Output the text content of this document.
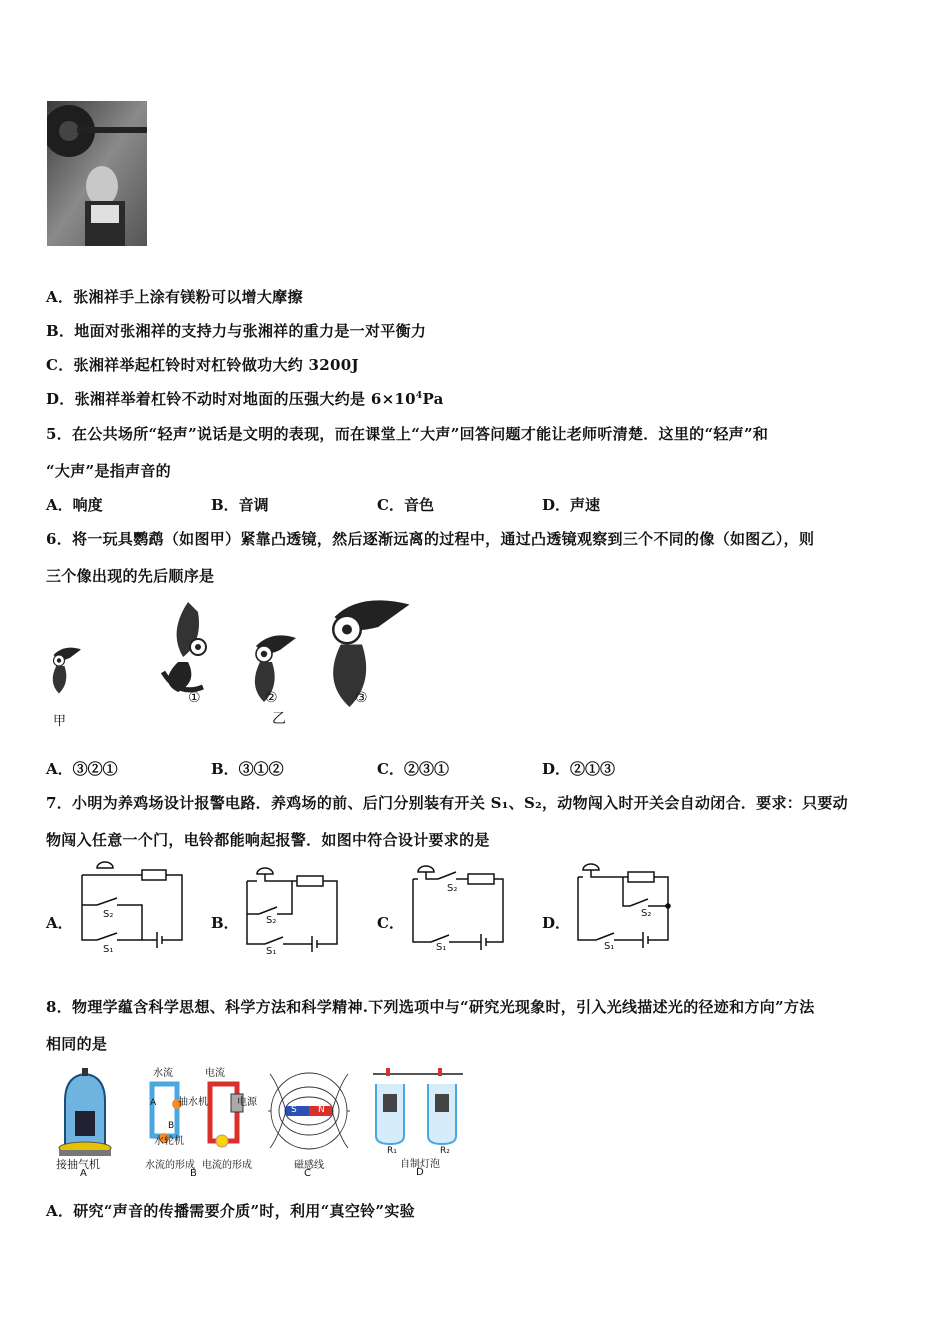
A．张湘祥手上涂有镁粉可以增大摩擦
B．地面对张湘祥的支持力与张湘祥的重力是一对平衡力
C．张湘祥举起杠铃时对杠铃做功大约 3200J
D．张湘祥举着杠铃不动时对地面的压强大约是 $6\times 10^4Pa$
5．在公共场所“轻声”说话是文明的表现，而在课堂上“大声”回答问题才能让老师听清楚．这里的“轻声”和
“大声”是指声音的
A．响度	B．音调	C．音色	D．声速
6．将一玩具鹦鹉（如图甲）紧靠凸透镜，然后逐渐远离的过程中，通过凸透镜观察到三个不同的像（如图乙），则
三个像出现的先后顺序是
甲
①	②	③
乙
A．③②①	B．③①②	C．②③①	D．②①③
7．小明为养鸡场设计报警电路．养鸡场的前、后门分别装有开关 S₁、S₂，动物闯入时开关会自动闭合．要求：只要动
物闯入任意一个门，电铃都能响起报警．如图中符合设计要求的是
A．	B．	C．	D．
S₂
S₁
S₂
S₁
S₂
S₁
S₂
S₁
8．物理学蕴含科学思想、科学方法和科学精神.下列选项中与“研究光现象时，引入光线描述光的径迹和方向”方法
相同的是
接抽气机
A
水流	电流
抽水机	电源
水轮机
A
B
水流的形成 电流的形成
B
S N
磁感线
C
R₁	R₂
自制灯泡
D
A．研究“声音的传播需要介质”时，利用“真空铃”实验
